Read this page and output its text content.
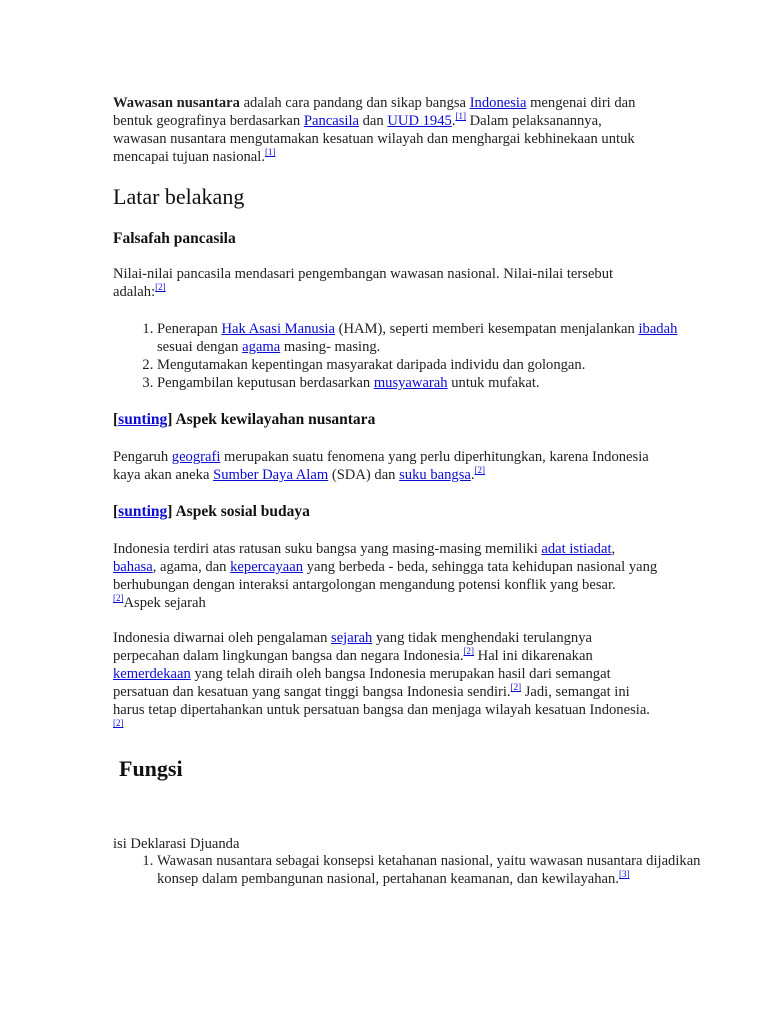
Wawasan nusantara adalah cara pandang dan sikap bangsa Indonesia mengenai diri dan bentuk geografinya berdasarkan Pancasila dan UUD 1945.[1] Dalam pelaksanannya, wawasan nusantara mengutamakan kesatuan wilayah dan menghargai kebhinekaan untuk mencapai tujuan nasional.[1]

Latar belakang
Falsafah pancasila

Nilai-nilai pancasila mendasari pengembangan wawasan nasional. Nilai-nilai tersebut adalah:[2]

1. Penerapan Hak Asasi Manusia (HAM), seperti memberi kesempatan menjalankan ibadah sesuai dengan agama masing- masing.
2. Mengutamakan kepentingan masyarakat daripada individu dan golongan.
3. Pengambilan keputusan berdasarkan musyawarah untuk mufakat.
[sunting] Aspek kewilayahan nusantara

Pengaruh geografi merupakan suatu fenomena yang perlu diperhitungkan, karena Indonesia kaya akan aneka Sumber Daya Alam (SDA) dan suku bangsa.[2]

[sunting] Aspek sosial budaya

Indonesia terdiri atas ratusan suku bangsa yang masing-masing memiliki adat istiadat, bahasa, agama, dan kepercayaan yang berbeda - beda, sehingga tata kehidupan nasional yang berhubungan dengan interaksi antargolongan mengandung potensi konflik yang besar.[2]Aspek sejarah

Indonesia diwarnai oleh pengalaman sejarah yang tidak menghendaki terulangnya perpecahan dalam lingkungan bangsa dan negara Indonesia.[2] Hal ini dikarenakan kemerdekaan yang telah diraih oleh bangsa Indonesia merupakan hasil dari semangat persatuan dan kesatuan yang sangat tinggi bangsa Indonesia sendiri.[2] Jadi, semangat ini harus tetap dipertahankan untuk persatuan bangsa dan menjaga wilayah kesatuan Indonesia.[2]

Fungsi

isi Deklarasi Djuanda

1. Wawasan nusantara sebagai konsepsi ketahanan nasional, yaitu wawasan nusantara dijadikan konsep dalam pembangunan nasional, pertahanan keamanan, dan kewilayahan.[3]
